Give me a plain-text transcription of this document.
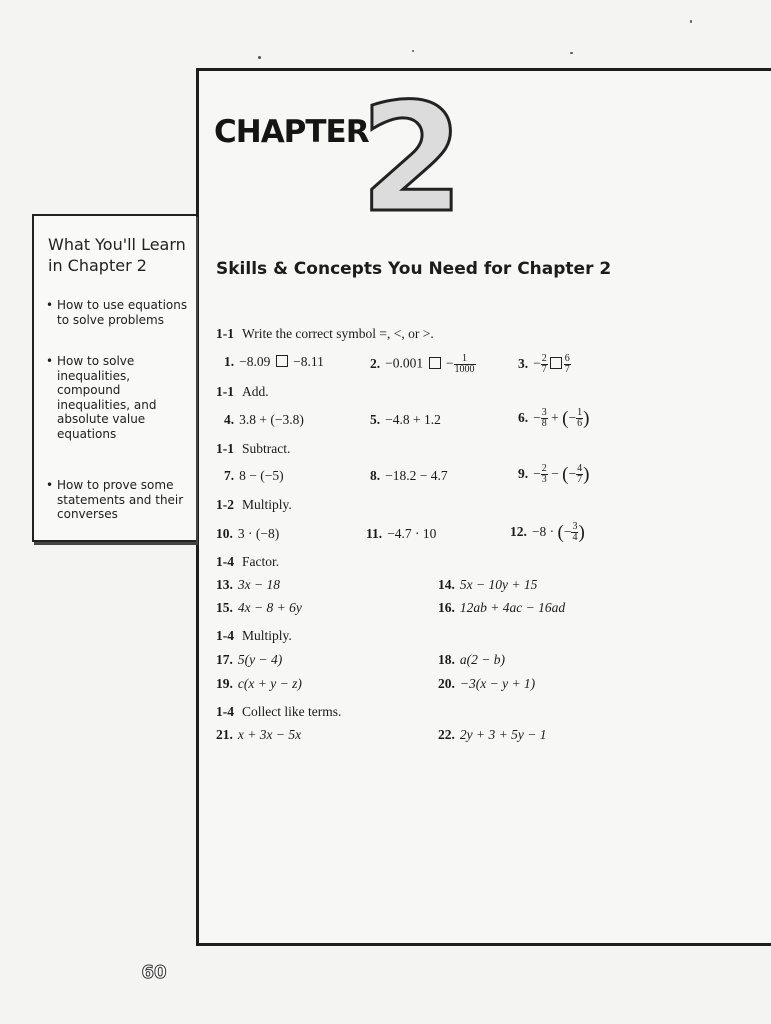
CHAPTER
2
What You'll Learn
in Chapter 2
• How to use equations
to solve problems
• How to solve
inequalities,
compound
inequalities, and
absolute value
equations
• How to prove some
statements and their
converses
Skills & Concepts You Need for Chapter 2
1-1 Write the correct symbol =, <, or >.
1. −8.09 −8.11	2. $-0.001 - \frac{1}{1000}$	3. − $\frac{2}{7} \frac{6}{7}$
1-1 Add.
4. 3.8 + (−3.8)	5. −4.8 + 1.2	6. − $\frac{3}{8}$ + (− $\frac{1}{6}$ )
1-1 Subtract.
7. 8 − (−5)	8. −18.2 − 4.7	9. − $\frac{2}{3}$ − (− $\frac{4}{7}$ )
1-2 Multiply.
10. 3 · (−8)	11. −4.7 · 10	12. −8 · (− $\frac{3}{4}$ )
1-4 Factor.
13. 3x − 18	14. 5x − 10y + 15
15. 4x − 8 + 6y	16. 12ab + 4ac − 16ad
1-4 Multiply.
17. 5(y − 4)	18. a(2 − b)
19. c(x + y − z)	20. −3(x − y + 1)
1-4 Collect like terms.
21. x + 3x − 5x	22. 2y + 3 + 5y − 1
60
